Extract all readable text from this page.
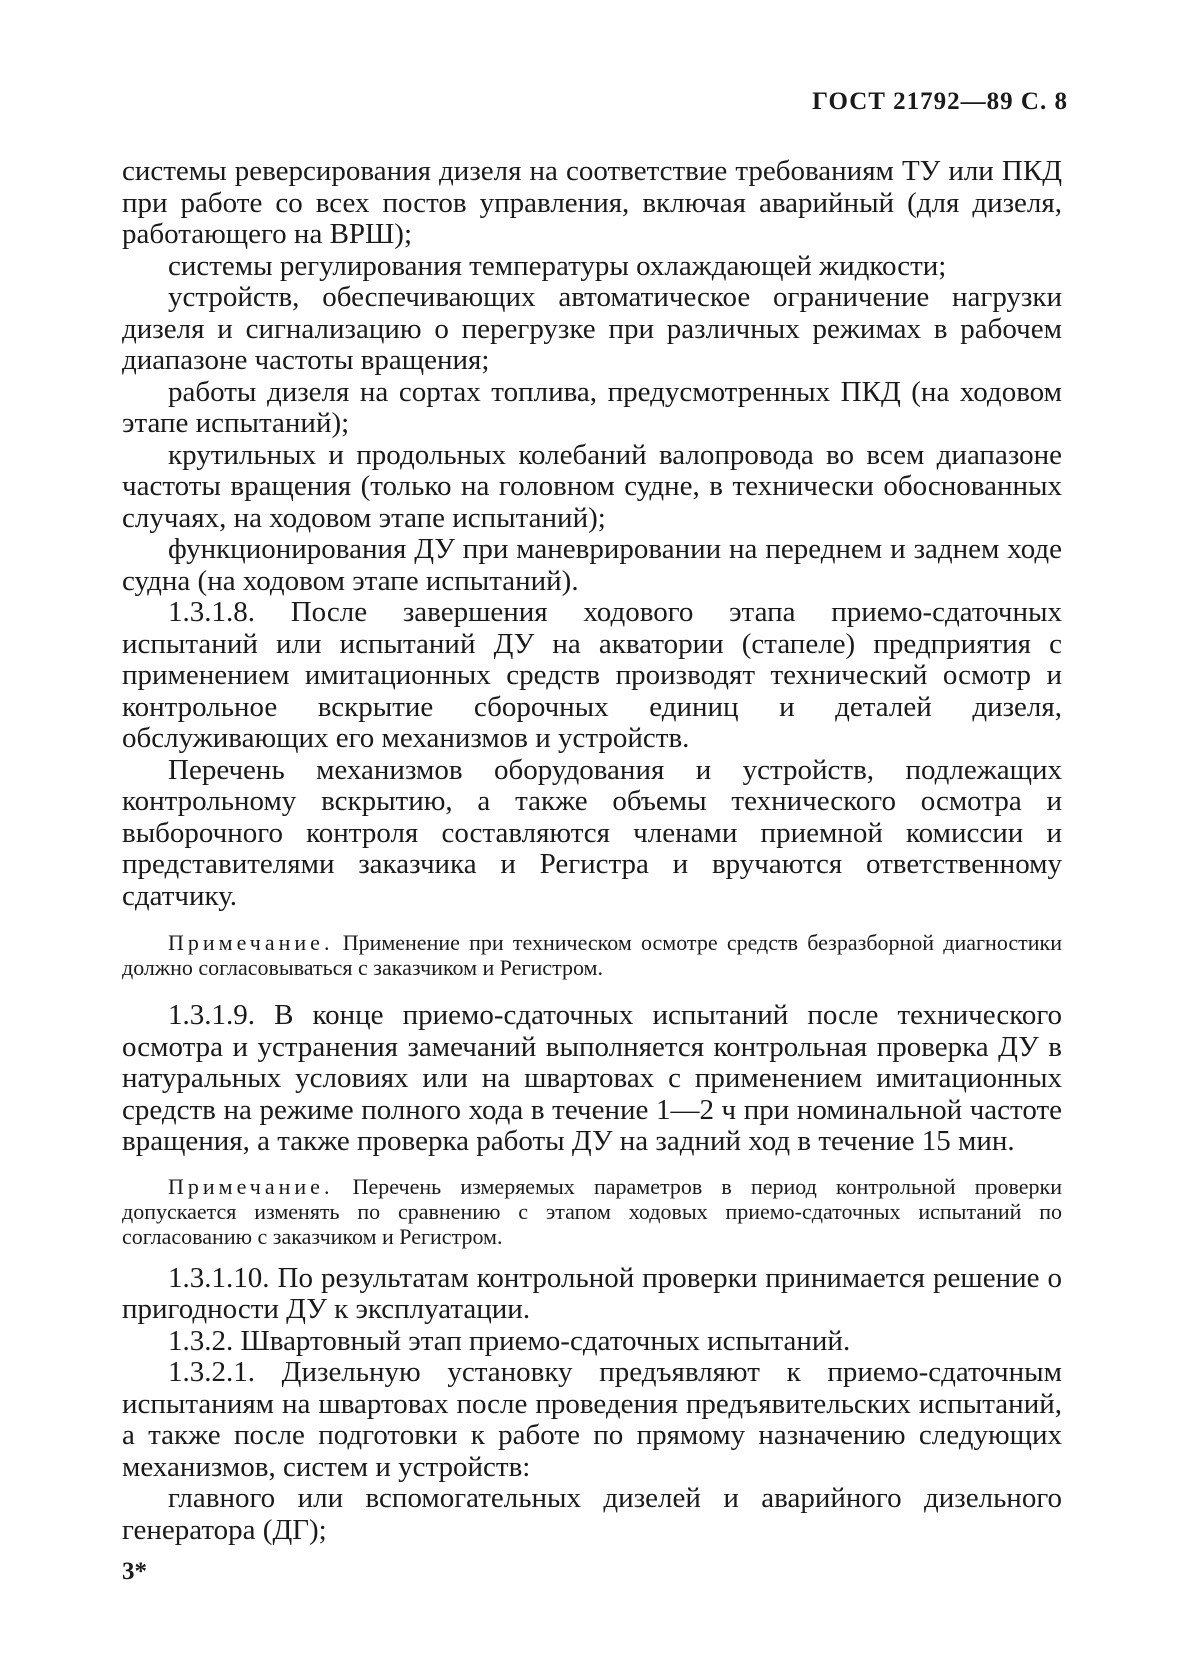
ГОСТ 21792—89 С. 8

системы реверсирования дизеля на соответствие требованиям ТУ или ПКД при работе со всех постов управления, включая аварийный (для дизеля, работающего на ВРШ);

системы регулирования температуры охлаждающей жидкости;

устройств, обеспечивающих автоматическое ограничение нагрузки дизеля и сигнализацию о перегрузке при различных режимах в рабочем диапазоне частоты вращения;

работы дизеля на сортах топлива, предусмотренных ПКД (на ходовом этапе испытаний);

крутильных и продольных колебаний валопровода во всем диапазоне частоты вращения (только на головном судне, в технически обоснованных случаях, на ходовом этапе испытаний);

функционирования ДУ при маневрировании на переднем и заднем ходе судна (на ходовом этапе испытаний).

1.3.1.8. После завершения ходового этапа приемо-сдаточных испытаний или испытаний ДУ на акватории (стапеле) предприятия с применением имитационных средств производят технический осмотр и контрольное вскрытие сборочных единиц и деталей дизеля, обслуживающих его механизмов и устройств.

Перечень механизмов оборудования и устройств, подлежащих контрольному вскрытию, а также объемы технического осмотра и выборочного контроля составляются членами приемной комиссии и представителями заказчика и Регистра и вручаются ответственному сдатчику.

Примечание. Применение при техническом осмотре средств безразборной диагностики должно согласовываться с заказчиком и Регистром.

1.3.1.9. В конце приемо-сдаточных испытаний после технического осмотра и устранения замечаний выполняется контрольная проверка ДУ в натуральных условиях или на швартовах с применением имитационных средств на режиме полного хода в течение 1—2 ч при номинальной частоте вращения, а также проверка работы ДУ на задний ход в течение 15 мин.

Примечание. Перечень измеряемых параметров в период контрольной проверки допускается изменять по сравнению с этапом ходовых приемо-сдаточных испытаний по согласованию с заказчиком и Регистром.

1.3.1.10. По результатам контрольной проверки принимается решение о пригодности ДУ к эксплуатации.

1.3.2. Швартовный этап приемо-сдаточных испытаний.

1.3.2.1. Дизельную установку предъявляют к приемо-сдаточным испытаниям на швартовах после проведения предъявительских испытаний, а также после подготовки к работе по прямому назначению следующих механизмов, систем и устройств:

главного или вспомогательных дизелей и аварийного дизельного генератора (ДГ);

3*
